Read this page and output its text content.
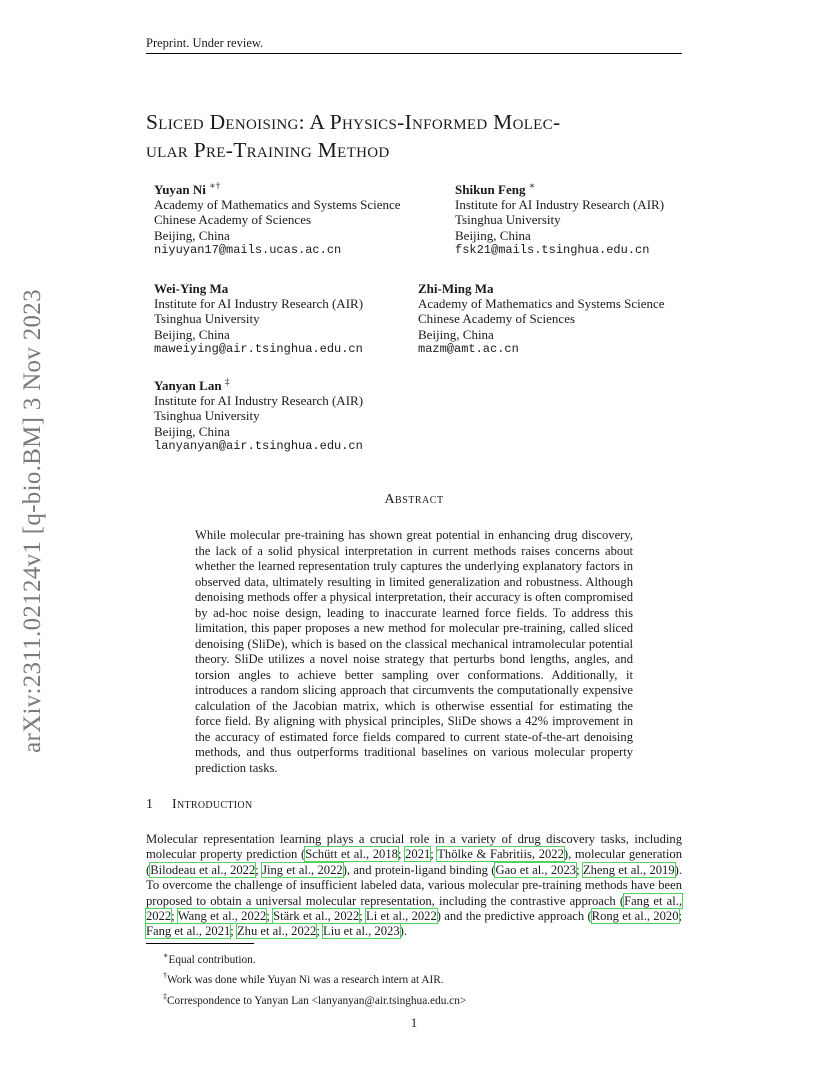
Preprint. Under review.
arXiv:2311.02124v1 [q-bio.BM] 3 Nov 2023
Sliced Denoising: A Physics-Informed Molec-
ular Pre-Training Method
Yuyan Ni ∗†
Academy of Mathematics and Systems Science
Chinese Academy of Sciences
Beijing, China
niyuyan17@mails.ucas.ac.cn
Shikun Feng ∗
Institute for AI Industry Research (AIR)
Tsinghua University
Beijing, China
fsk21@mails.tsinghua.edu.cn
Wei-Ying Ma
Institute for AI Industry Research (AIR)
Tsinghua University
Beijing, China
maweiying@air.tsinghua.edu.cn
Zhi-Ming Ma
Academy of Mathematics and Systems Science
Chinese Academy of Sciences
Beijing, China
mazm@amt.ac.cn
Yanyan Lan ‡
Institute for AI Industry Research (AIR)
Tsinghua University
Beijing, China
lanyanyan@air.tsinghua.edu.cn
Abstract
While molecular pre-training has shown great potential in enhancing drug discovery, the lack of a solid physical interpretation in current methods raises concerns about whether the learned representation truly captures the underlying explanatory factors in observed data, ultimately resulting in limited generalization and robustness. Although denoising methods offer a physical interpretation, their accuracy is often compromised by ad-hoc noise design, leading to inaccurate learned force fields. To address this limitation, this paper proposes a new method for molecular pre-training, called sliced denoising (SliDe), which is based on the classical mechanical intramolecular potential theory. SliDe utilizes a novel noise strategy that perturbs bond lengths, angles, and torsion angles to achieve better sampling over conformations. Additionally, it introduces a random slicing approach that circumvents the computationally expensive calculation of the Jacobian matrix, which is otherwise essential for estimating the force field. By aligning with physical principles, SliDe shows a 42% improvement in the accuracy of estimated force fields compared to current state-of-the-art denoising methods, and thus outperforms traditional baselines on various molecular property prediction tasks.
1 Introduction
Molecular representation learning plays a crucial role in a variety of drug discovery tasks, including molecular property prediction (Schütt et al., 2018; 2021; Thölke & Fabritiis, 2022), molecular generation (Bilodeau et al., 2022; Jing et al., 2022), and protein-ligand binding (Gao et al., 2023; Zheng et al., 2019). To overcome the challenge of insufficient labeled data, various molecular pre-training methods have been proposed to obtain a universal molecular representation, including the contrastive approach (Fang et al., 2022; Wang et al., 2022; Stärk et al., 2022; Li et al., 2022) and the predictive approach (Rong et al., 2020; Fang et al., 2021; Zhu et al., 2022; Liu et al., 2023).
∗Equal contribution.
†Work was done while Yuyan Ni was a research intern at AIR.
‡Correspondence to Yanyan Lan <lanyanyan@air.tsinghua.edu.cn>
1
